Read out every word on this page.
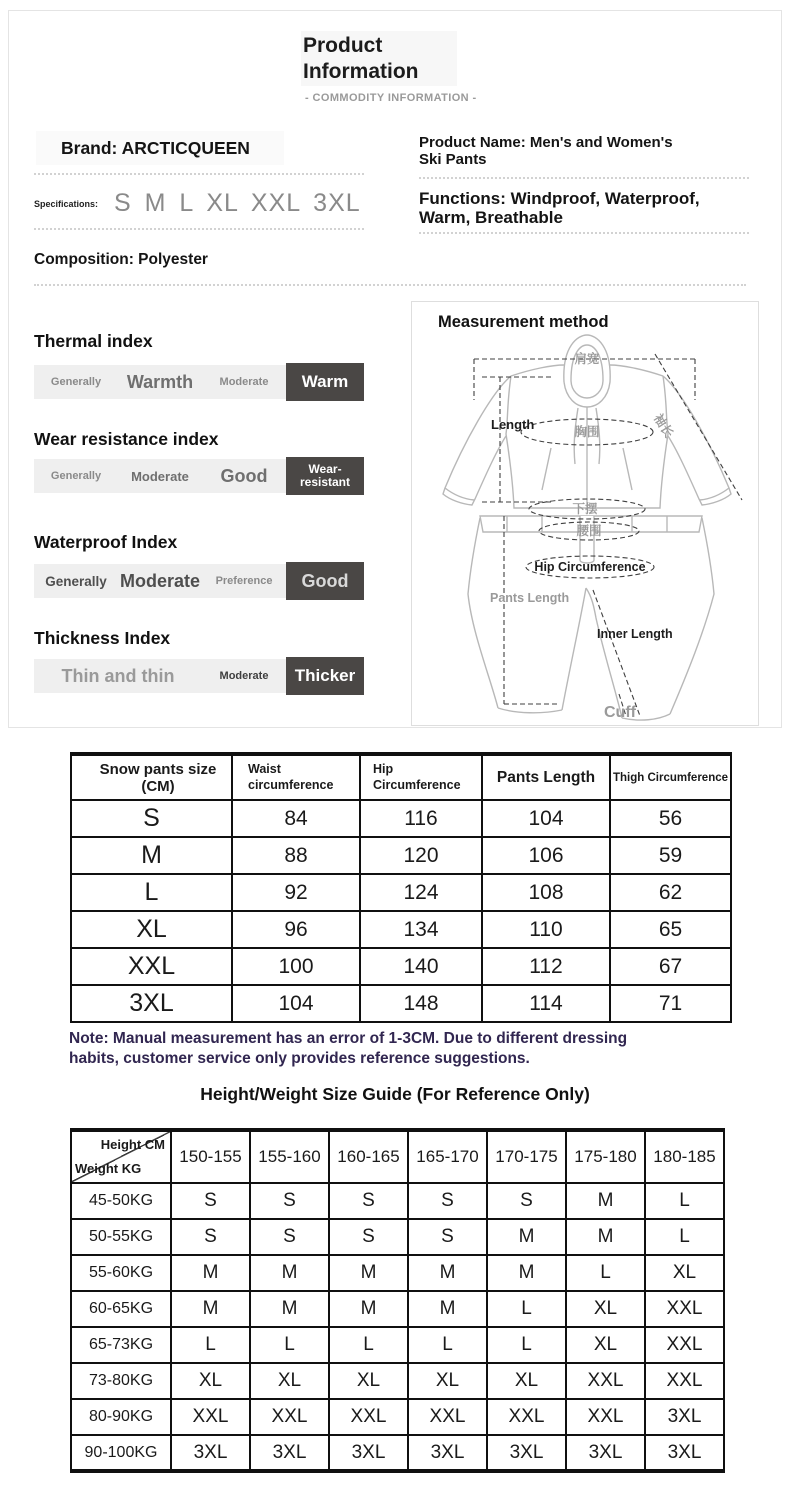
Product
Information
- COMMODITY INFORMATION -
Brand: ARCTICQUEEN
Specifications: S M L XL XXL 3XL
Composition: Polyester
Product Name: Men's and Women's
Ski Pants
Functions: Windproof, Waterproof,
Warm, Breathable
Thermal index
Generally	Warmth	Moderate	Warm
Wear resistance index
Generally	Moderate	Good	Wear-resistant
Waterproof Index
Generally Moderate	Preference	Good
Thickness Index
Thin and thin	Moderate	Thicker
Measurement method
肩宽
Length	胸围	袖长
下摆
腰围
Hip Circumference
Pants Length
Inner Length
Cuff
Snow pants size (CM)	Waist circumference	Hip Circumference	Pants Length	Thigh Circumference
S	84	116	104	56
M	88	120	106	59
L	92	124	108	62
XL	96	134	110	65
XXL	100	140	112	67
3XL	104	148	114	71

Note: Manual measurement has an error of 1-3CM. Due to different dressing
habits, customer service only provides reference suggestions.

Height/Weight Size Guide (For Reference Only)
Height CM
Weight KG	150-155	155-160	160-165	165-170	170-175	175-180	180-185
45-50KG	S	S	S	S	S	M	L
50-55KG	S	S	S	S	M	M	L
55-60KG	M	M	M	M	M	L	XL
60-65KG	M	M	M	M	L	XL	XXL
65-73KG	L	L	L	L	L	XL	XXL
73-80KG	XL	XL	XL	XL	XL	XXL	XXL
80-90KG	XXL	XXL	XXL	XXL	XXL	XXL	3XL
90-100KG	3XL	3XL	3XL	3XL	3XL	3XL	3XL
